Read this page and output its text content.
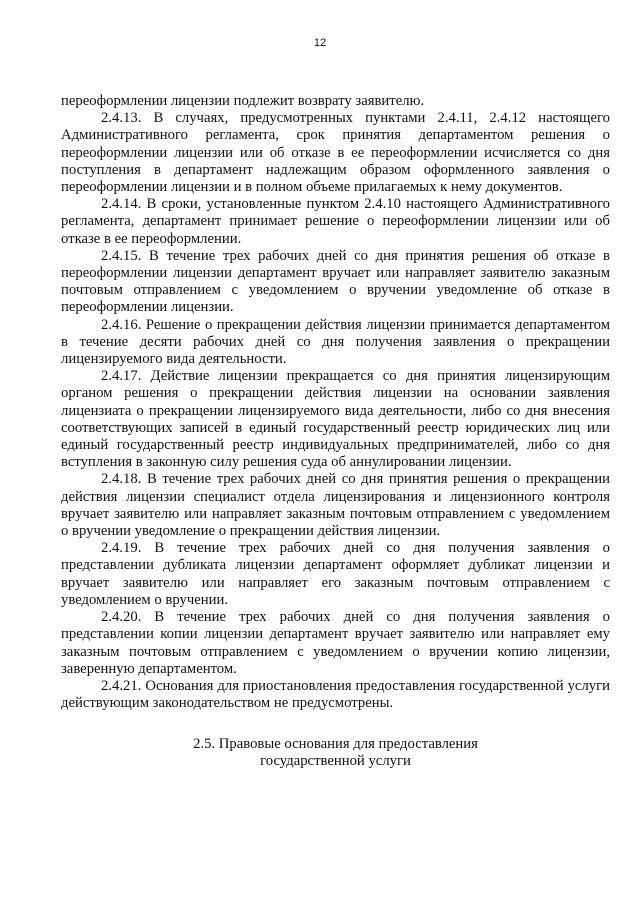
12

переоформлении лицензии подлежит возврату заявителю.

2.4.13. В случаях, предусмотренных пунктами 2.4.11, 2.4.12 настоящего Административного регламента, срок принятия департаментом решения о переоформлении лицензии или об отказе в ее переоформлении исчисляется со дня поступления в департамент надлежащим образом оформленного заявления о переоформлении лицензии и в полном объеме прилагаемых к нему документов.

2.4.14. В сроки, установленные пунктом 2.4.10 настоящего Административного регламента, департамент принимает решение о переоформлении лицензии или об отказе в ее переоформлении.

2.4.15. В течение трех рабочих дней со дня принятия решения об отказе в переоформлении лицензии департамент вручает или направляет заявителю заказным почтовым отправлением с уведомлением о вручении уведомление об отказе в переоформлении лицензии.

2.4.16. Решение о прекращении действия лицензии принимается департаментом в течение десяти рабочих дней со дня получения заявления о прекращении лицензируемого вида деятельности.

2.4.17. Действие лицензии прекращается со дня принятия лицензирующим органом решения о прекращении действия лицензии на основании заявления лицензиата о прекращении лицензируемого вида деятельности, либо со дня внесения соответствующих записей в единый государственный реестр юридических лиц или единый государственный реестр индивидуальных предпринимателей, либо со дня вступления в законную силу решения суда об аннулировании лицензии.

2.4.18. В течение трех рабочих дней со дня принятия решения о прекращении действия лицензии специалист отдела лицензирования и лицензионного контроля вручает заявителю или направляет заказным почтовым отправлением с уведомлением о вручении уведомление о прекращении действия лицензии.

2.4.19. В течение трех рабочих дней со дня получения заявления о представлении дубликата лицензии департамент оформляет дубликат лицензии и вручает заявителю или направляет его заказным почтовым отправлением с уведомлением о вручении.

2.4.20. В течение трех рабочих дней со дня получения заявления о представлении копии лицензии департамент вручает заявителю или направляет ему заказным почтовым отправлением с уведомлением о вручении копию лицензии, заверенную департаментом.

2.4.21. Основания для приостановления предоставления государственной услуги действующим законодательством не предусмотрены.

2.5. Правовые основания для предоставления
государственной услуги
